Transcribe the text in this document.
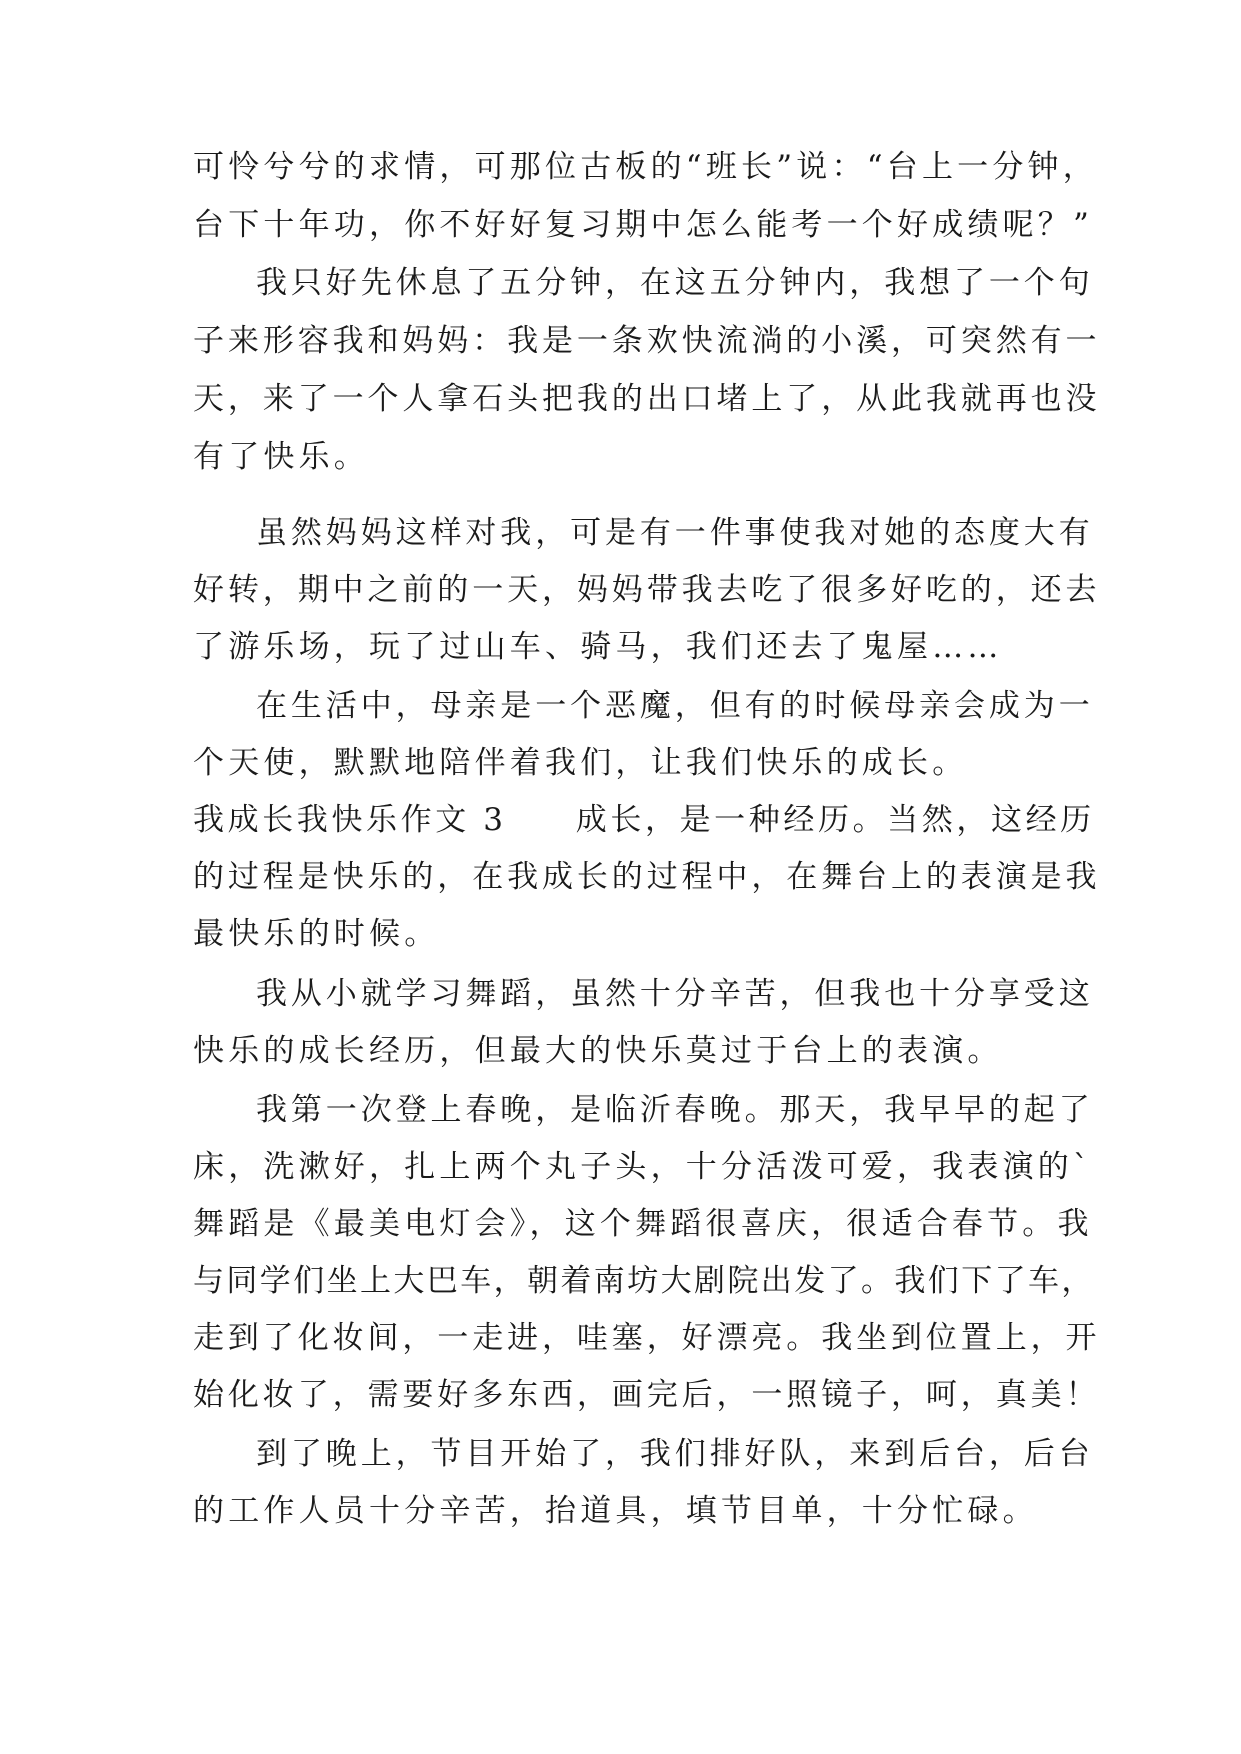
可怜兮兮的求情，可那位古板的“班长”说：“台上一分钟，
台下十年功，你不好好复习期中怎么能考一个好成绩呢？”
我只好先休息了五分钟，在这五分钟内，我想了一个句
子来形容我和妈妈：我是一条欢快流淌的小溪，可突然有一
天，来了一个人拿石头把我的出口堵上了，从此我就再也没
有了快乐。
虽然妈妈这样对我，可是有一件事使我对她的态度大有
好转，期中之前的一天，妈妈带我去吃了很多好吃的，还去
了游乐场，玩了过山车、骑马，我们还去了鬼屋……
在生活中，母亲是一个恶魔，但有的时候母亲会成为一
个天使，默默地陪伴着我们，让我们快乐的成长。
我成长我快乐作文 3　　成长，是一种经历。当然，这经历
的过程是快乐的，在我成长的过程中，在舞台上的表演是我
最快乐的时候。
我从小就学习舞蹈，虽然十分辛苦，但我也十分享受这
快乐的成长经历，但最大的快乐莫过于台上的表演。
我第一次登上春晚，是临沂春晚。那天，我早早的起了
床，洗漱好，扎上两个丸子头，十分活泼可爱，我表演的`
舞蹈是《最美电灯会》，这个舞蹈很喜庆，很适合春节。我
与同学们坐上大巴车，朝着南坊大剧院出发了。我们下了车，
走到了化妆间，一走进，哇塞，好漂亮。我坐到位置上，开
始化妆了，需要好多东西，画完后，一照镜子，呵，真美！
到了晚上，节目开始了，我们排好队，来到后台，后台
的工作人员十分辛苦，抬道具，填节目单，十分忙碌。
